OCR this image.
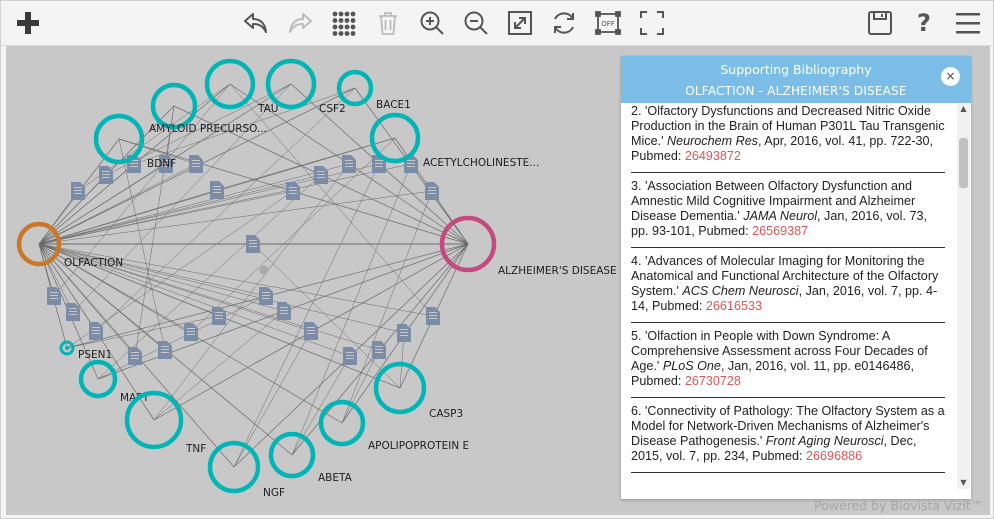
OFF	?
OLFACTION
ALZHEIMER'S DISEASE
TAU	CSF2	BACE1
AMYLOID PRECURSO...
BDNF	ACETYLCHOLINESTE...
PSEN1
MAPT
TNF
NGF
ABETA
APOLIPOPROTEIN E
CASP3
Supporting Bibliography
OLFACTION - ALZHEIMER'S DISEASE
×
2. 'Olfactory Dysfunctions and Decreased Nitric Oxide Production in the Brain of Human P301L Tau Transgenic Mice.' Neurochem Res, Apr, 2016, vol. 41, pp. 722-30, Pubmed: 26493872
3. 'Association Between Olfactory Dysfunction and Amnestic Mild Cognitive Impairment and Alzheimer Disease Dementia.' JAMA Neurol, Jan, 2016, vol. 73, pp. 93-101, Pubmed: 26569387
4. 'Advances of Molecular Imaging for Monitoring the Anatomical and Functional Architecture of the Olfactory System.' ACS Chem Neurosci, Jan, 2016, vol. 7, pp. 4-14, Pubmed: 26616533
5. 'Olfaction in People with Down Syndrome: A Comprehensive Assessment across Four Decades of Age.' PLoS One, Jan, 2016, vol. 11, pp. e0146486, Pubmed: 26730728
6. 'Connectivity of Pathology: The Olfactory System as a Model for Network-Driven Mechanisms of Alzheimer's Disease Pathogenesis.' Front Aging Neurosci, Dec, 2015, vol. 7, pp. 234, Pubmed: 26696886
▲
▼
Powered by Biovista Vizit™
